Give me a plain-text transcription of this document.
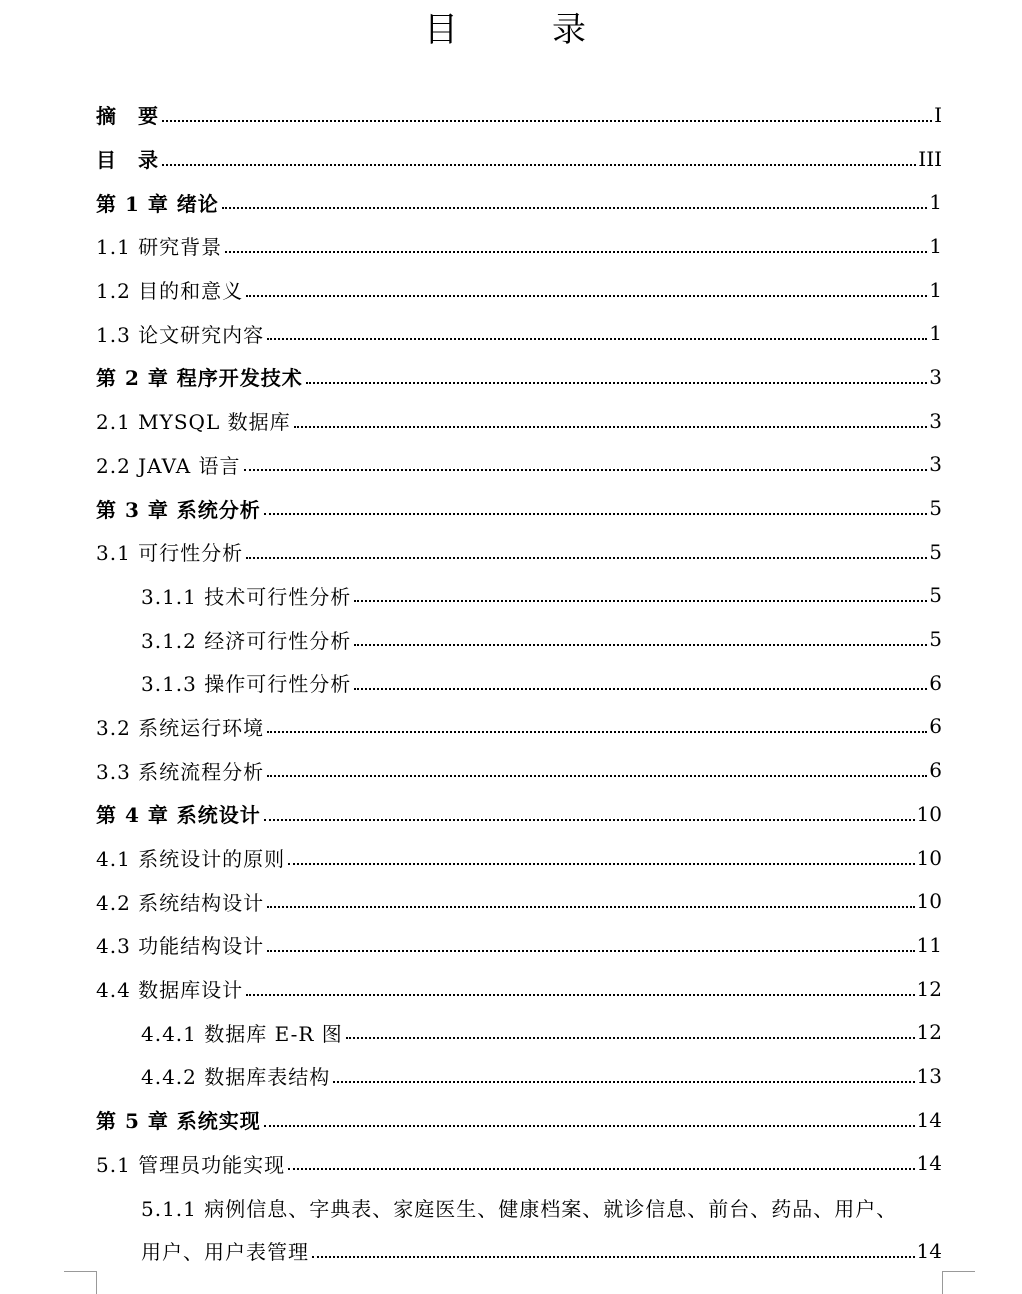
目　录
摘　要	I
目　录	III
第 1 章 绪论	1
1.1 研究背景	1
1.2 目的和意义	1
1.3 论文研究内容	1
第 2 章 程序开发技术	3
2.1 MYSQL 数据库	3
2.2 JAVA 语言	3
第 3 章 系统分析	5
3.1 可行性分析	5
3.1.1 技术可行性分析	5
3.1.2 经济可行性分析	5
3.1.3 操作可行性分析	6
3.2 系统运行环境	6
3.3 系统流程分析	6
第 4 章 系统设计	10
4.1 系统设计的原则	10
4.2 系统结构设计	10
4.3 功能结构设计	11
4.4 数据库设计	12
4.4.1 数据库 E-R 图	12
4.4.2 数据库表结构	13
第 5 章 系统实现	14
5.1 管理员功能实现	14
5.1.1 病例信息、字典表、家庭医生、健康档案、就诊信息、前台、药品、用户、
用户、用户表管理	14
